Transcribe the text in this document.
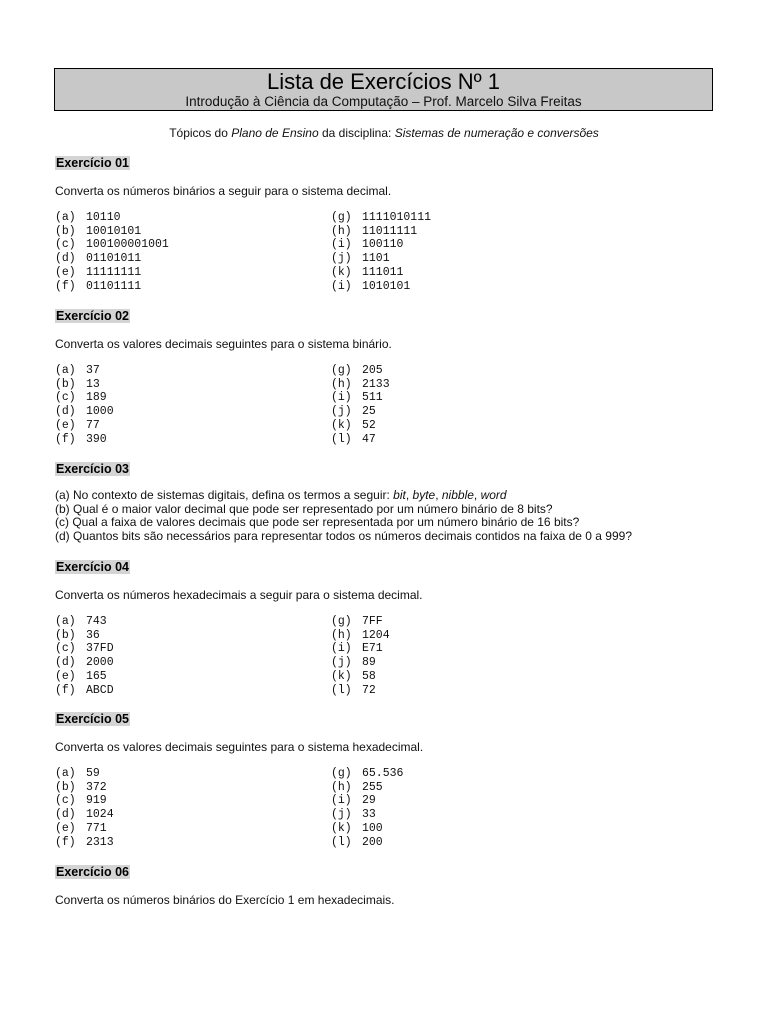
Lista de Exercícios Nº 1
Introdução à Ciência da Computação – Prof. Marcelo Silva Freitas
Tópicos do Plano de Ensino da disciplina: Sistemas de numeração e conversões
Exercício 01
Converta os números binários a seguir para o sistema decimal.
(a) 10110	(g) 1111010111
(b) 10010101	(h) 11011111
(c) 100100001001	(i) 100110
(d) 01101011	(j) 1101
(e) 11111111	(k) 111011
(f) 01101111	(i) 1010101
Exercício 02
Converta os valores decimais seguintes para o sistema binário.
(a) 37	(g) 205
(b) 13	(h) 2133
(c) 189	(i) 511
(d) 1000	(j) 25
(e) 77	(k) 52
(f) 390	(l) 47
Exercício 03
(a) No contexto de sistemas digitais, defina os termos a seguir: bit, byte, nibble, word
(b) Qual é o maior valor decimal que pode ser representado por um número binário de 8 bits?
(c) Qual a faixa de valores decimais que pode ser representada por um número binário de 16 bits?
(d) Quantos bits são necessários para representar todos os números decimais contidos na faixa de 0 a 999?
Exercício 04
Converta os números hexadecimais a seguir para o sistema decimal.
(a) 743	(g) 7FF
(b) 36	(h) 1204
(c) 37FD	(i) E71
(d) 2000	(j) 89
(e) 165	(k) 58
(f) ABCD	(l) 72
Exercício 05
Converta os valores decimais seguintes para o sistema hexadecimal.
(a) 59	(g) 65.536
(b) 372	(h) 255
(c) 919	(i) 29
(d) 1024	(j) 33
(e) 771	(k) 100
(f) 2313	(l) 200
Exercício 06
Converta os números binários do Exercício 1 em hexadecimais.
